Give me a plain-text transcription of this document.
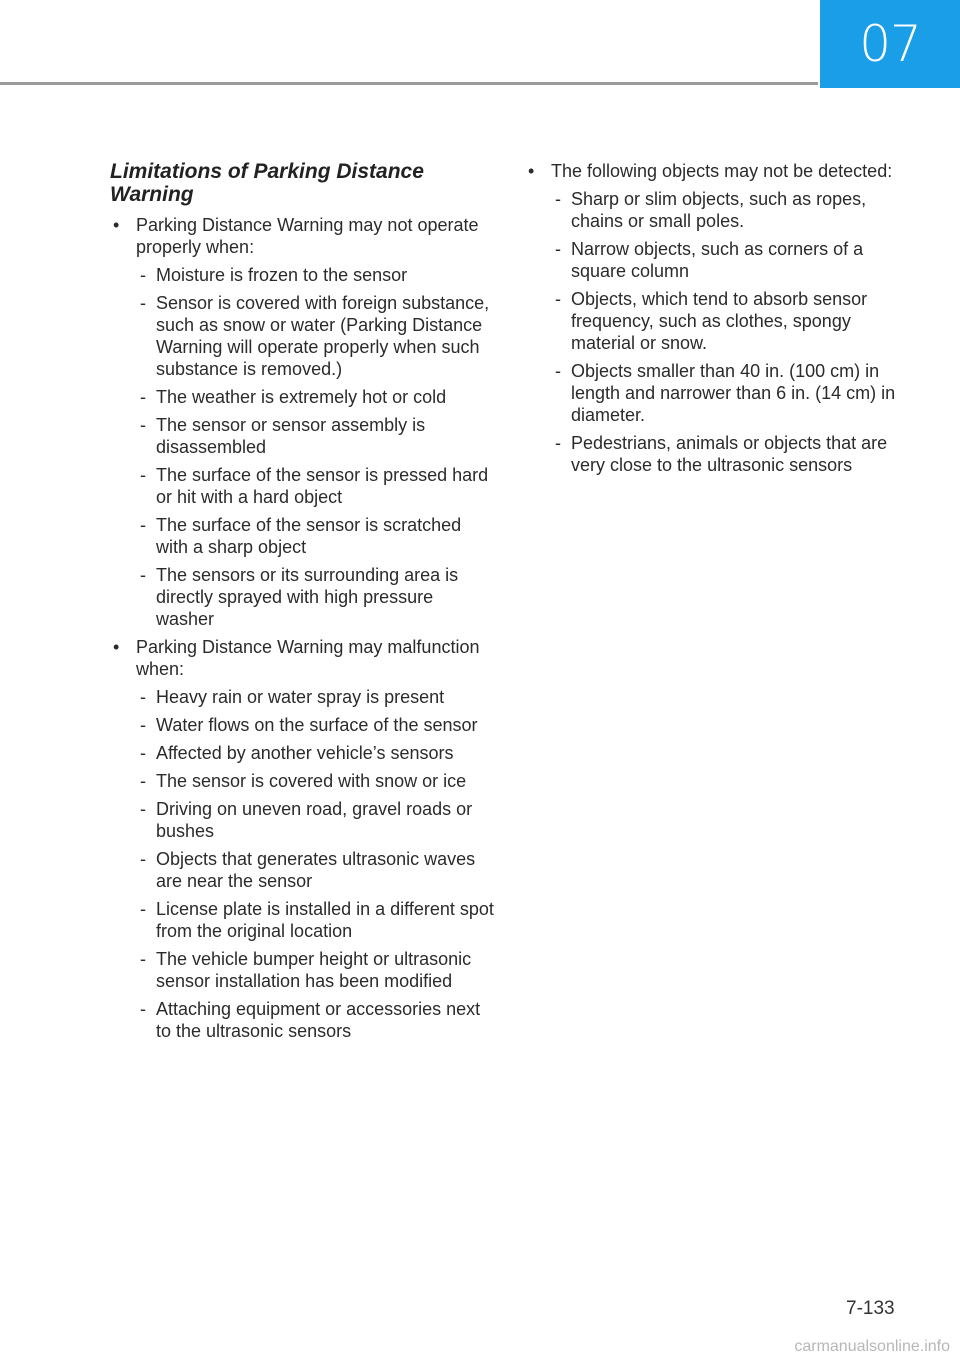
07
Limitations of Parking Distance Warning
• Parking Distance Warning may not operate properly when:
- Moisture is frozen to the sensor
- Sensor is covered with foreign substance, such as snow or water (Parking Distance Warning will operate properly when such substance is removed.)
- The weather is extremely hot or cold
- The sensor or sensor assembly is disassembled
- The surface of the sensor is pressed hard or hit with a hard object
- The surface of the sensor is scratched with a sharp object
- The sensors or its surrounding area is directly sprayed with high pressure washer
• Parking Distance Warning may malfunction when:
- Heavy rain or water spray is present
- Water flows on the surface of the sensor
- Affected by another vehicle’s sensors
- The sensor is covered with snow or ice
- Driving on uneven road, gravel roads or bushes
- Objects that generates ultrasonic waves are near the sensor
- License plate is installed in a different spot from the original location
- The vehicle bumper height or ultrasonic sensor installation has been modified
- Attaching equipment or accessories next to the ultrasonic sensors
• The following objects may not be detected:
- Sharp or slim objects, such as ropes, chains or small poles.
- Narrow objects, such as corners of a square column
- Objects, which tend to absorb sensor frequency, such as clothes, spongy material or snow.
- Objects smaller than 40 in. (100 cm) in length and narrower than 6 in. (14 cm) in diameter.
- Pedestrians, animals or objects that are very close to the ultrasonic sensors
7-133
carmanualsonline.info
